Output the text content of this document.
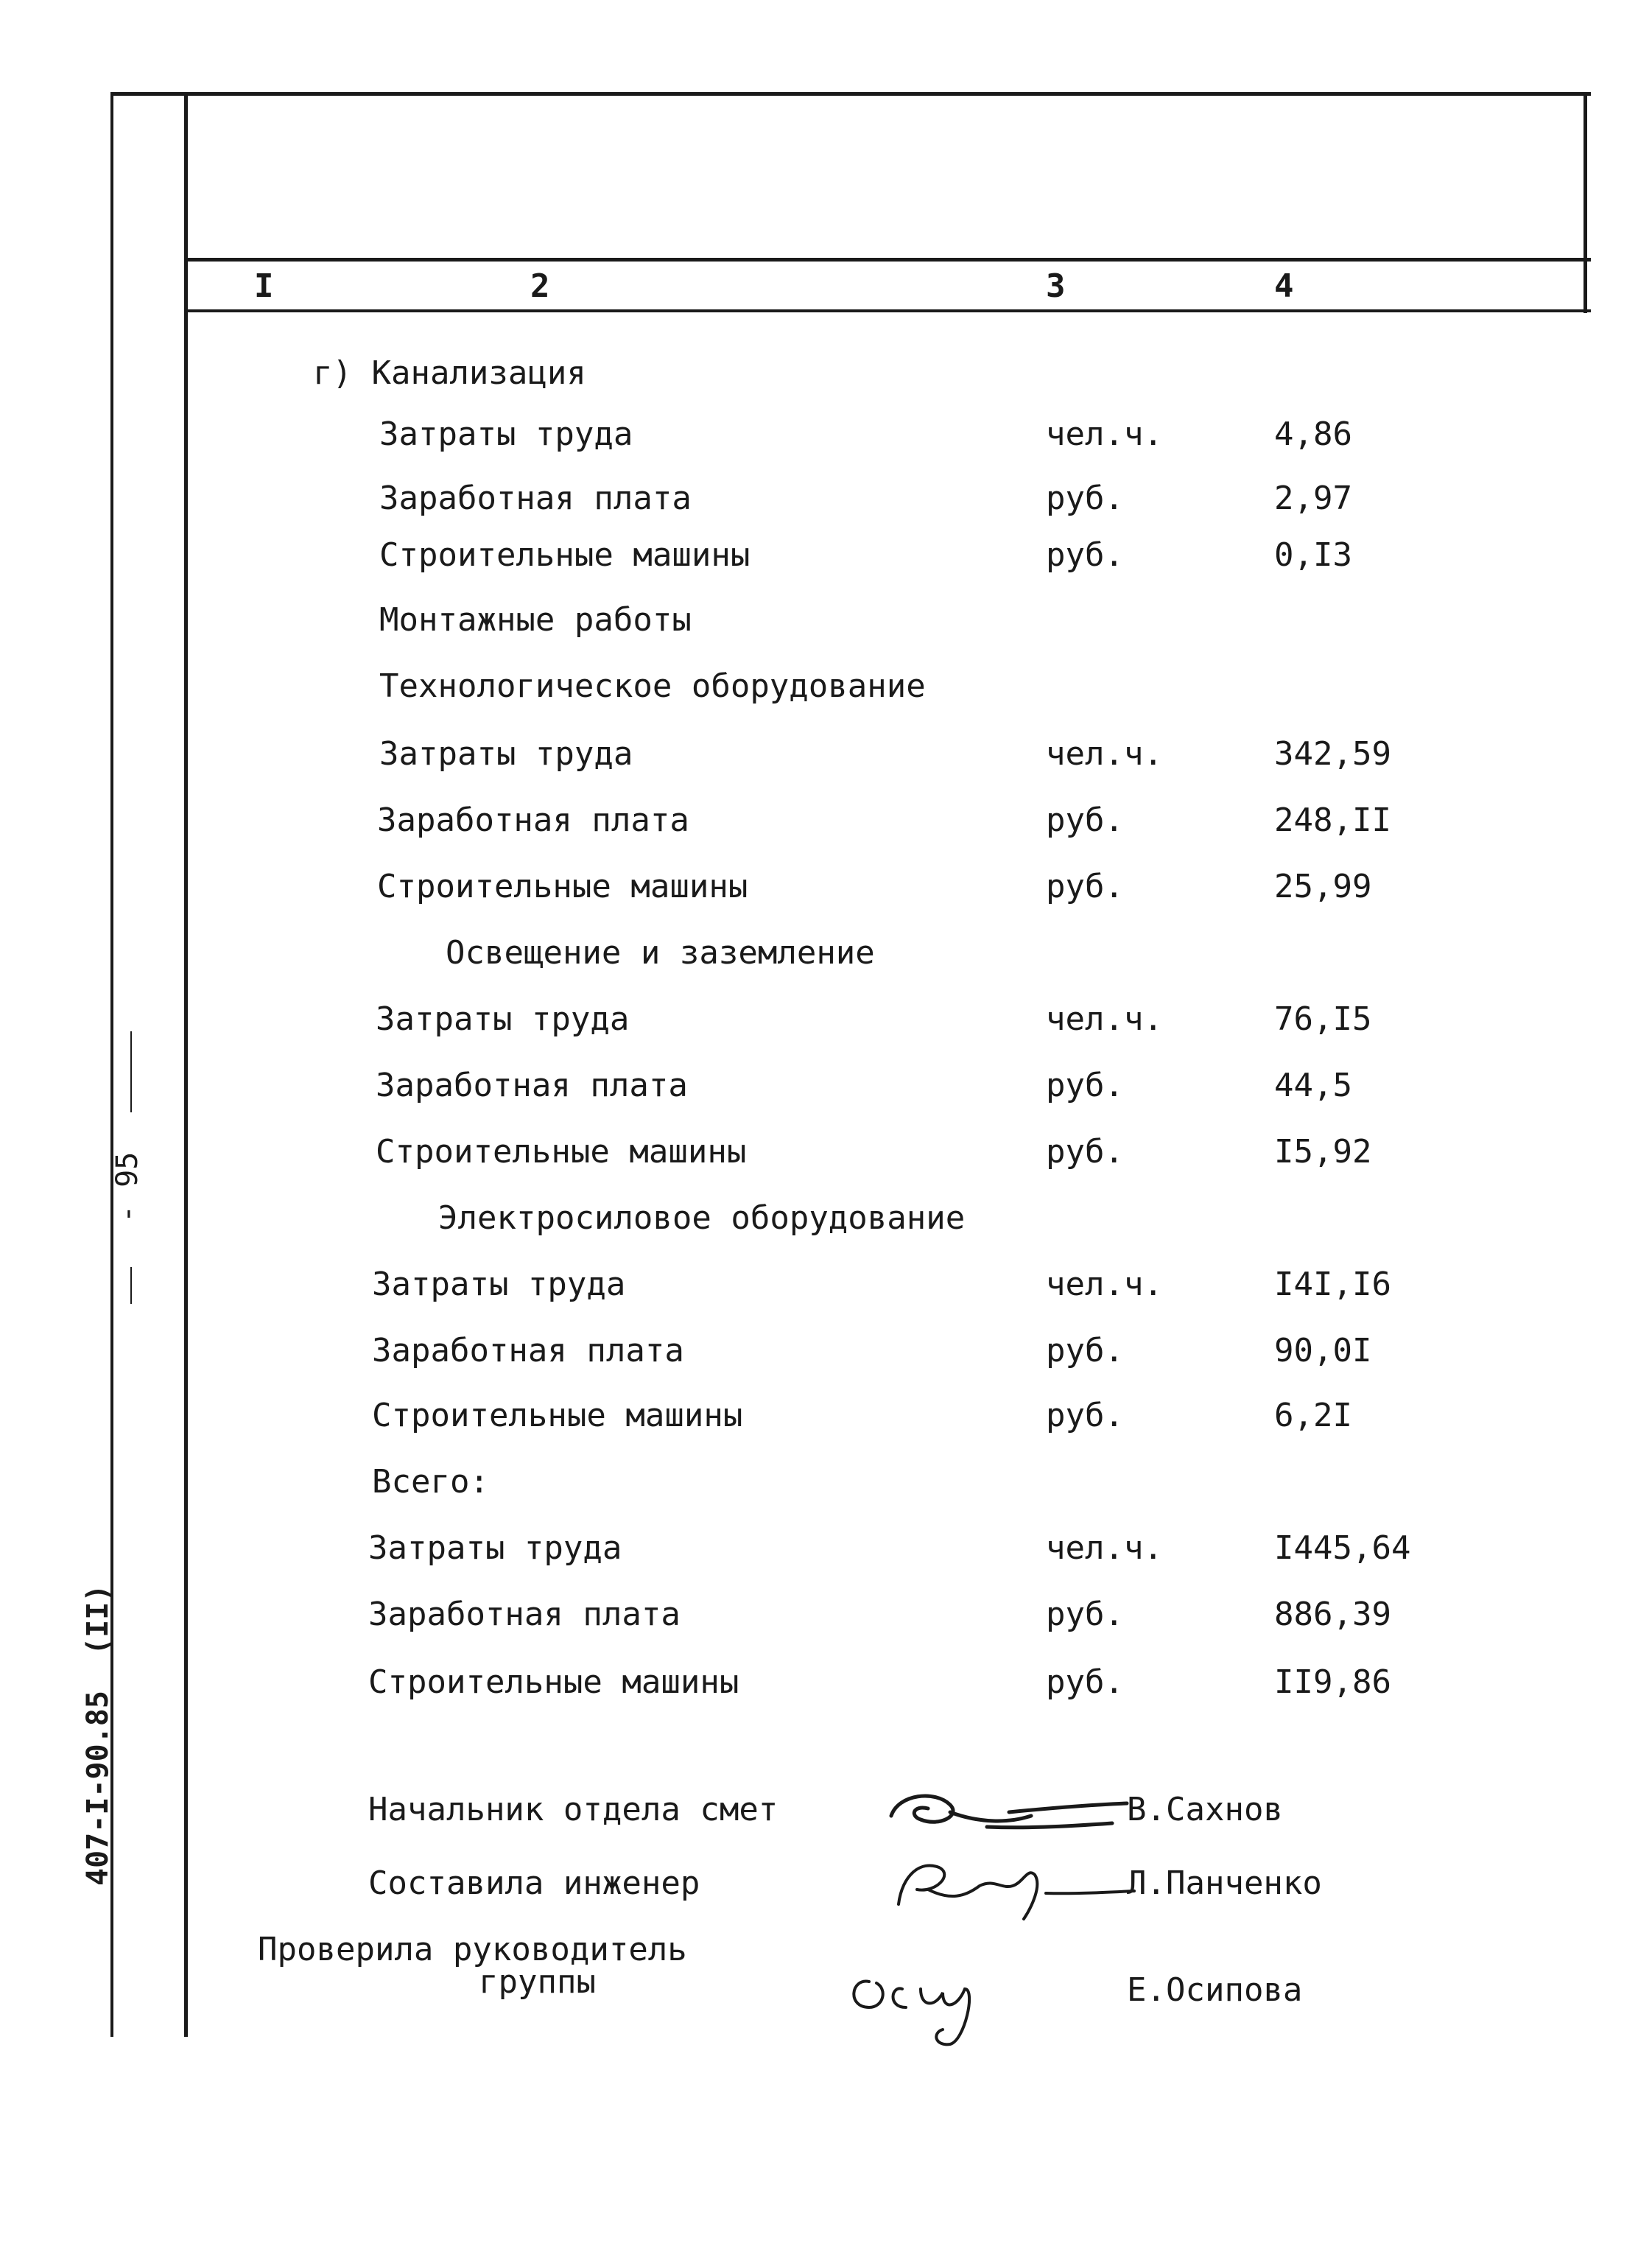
407-I-90.85  (II)
- 95
I	2	3	4
г) Канализация
Затраты труда	чел.ч.	4,86
Заработная плата	руб.	2,97
Строительные машины	руб.	0,I3
Монтажные работы
Технологическое оборудование
Затраты труда	чел.ч.	342,59
Заработная плата	руб.	248,II
Строительные машины	руб.	25,99
Освещение и заземление
Затраты труда	чел.ч.	76,I5
Заработная плата	руб.	44,5
Строительные машины	руб.	I5,92
Электросиловое оборудование
Затраты труда	чел.ч.	I4I,I6
Заработная плата	руб.	90,0I
Строительные машины	руб.	6,2I
Всего:
Затраты труда	чел.ч.	I445,64
Заработная плата	руб.	886,39
Строительные машины	руб.	II9,86
Начальник отдела смет	В.Сахнов
Составила инженер	Л.Панченко
Проверила руководитель
группы	Е.Осипова
